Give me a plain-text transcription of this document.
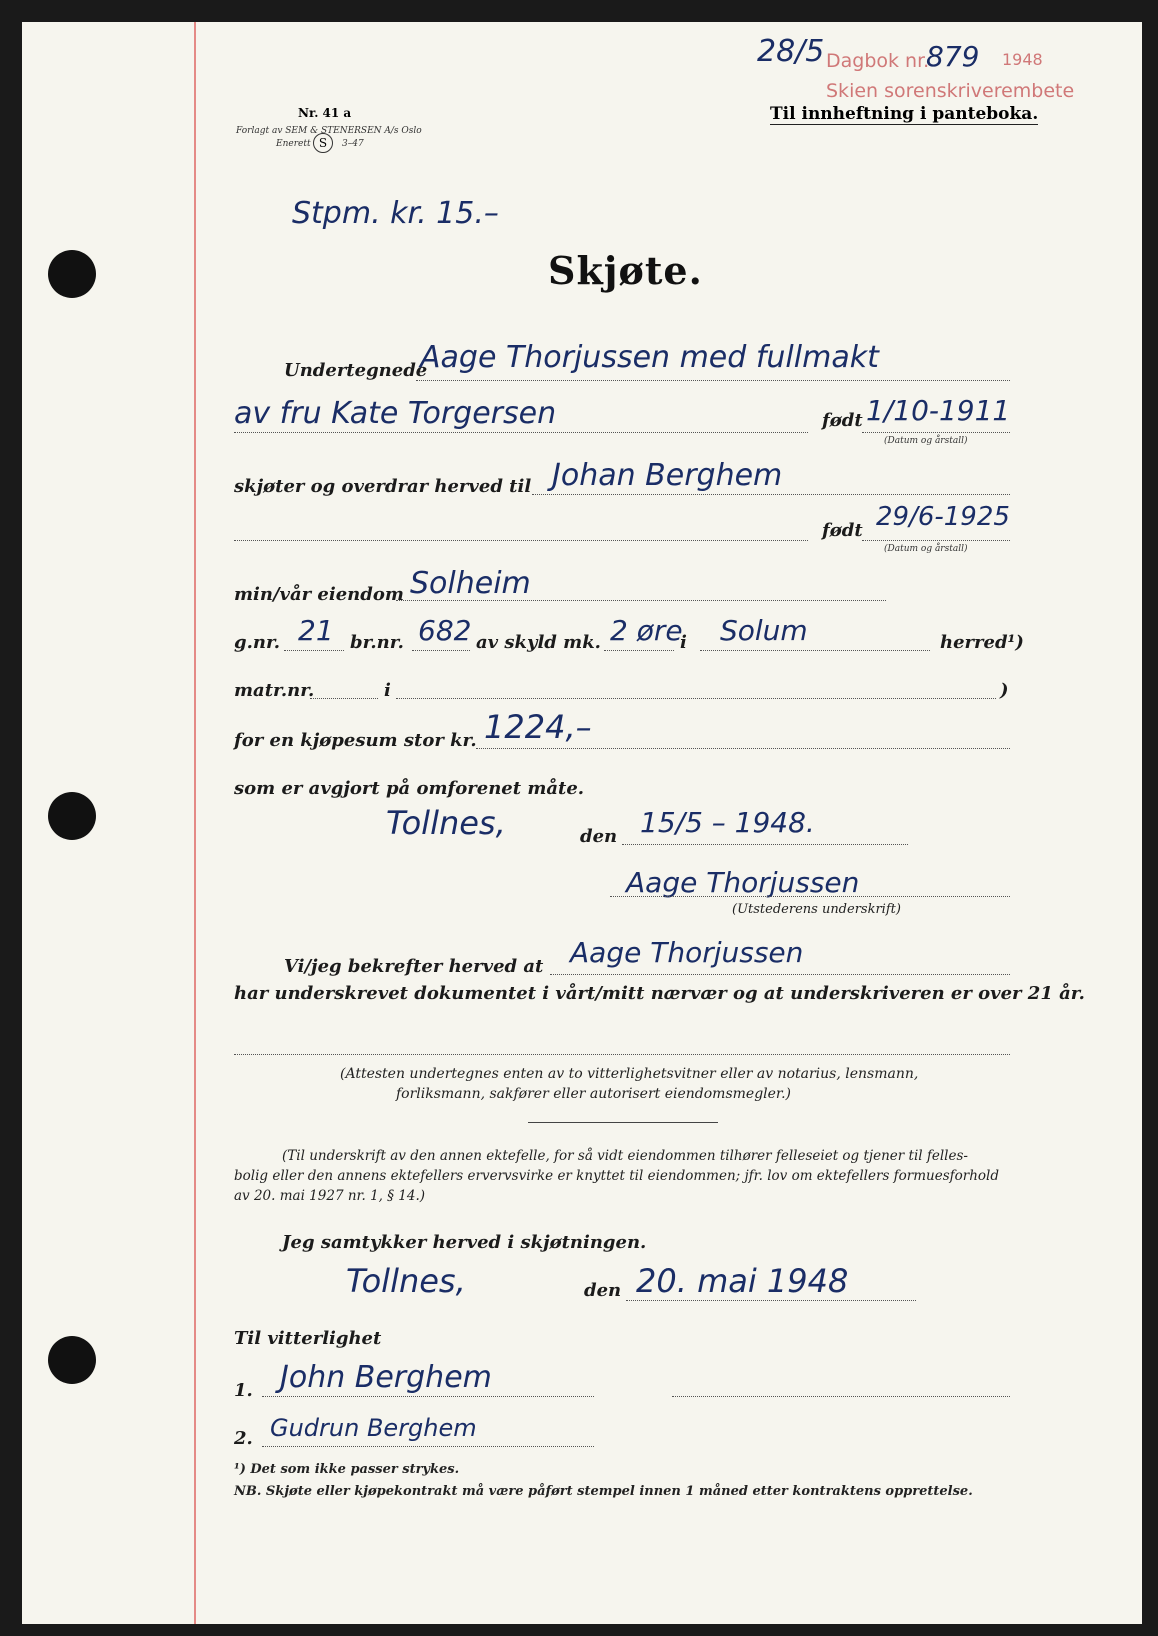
Nr. 41 a
Forlagt av SEM & STENERSEN A/s Oslo
Enerett S	3–47
28/5 Dagbok nr.
879 1948
Skien sorenskriverembete
Til innheftning i panteboka.
Stpm. kr. 15.–
Skjøte.
Undertegnede
Aage Thorjussen med fullmakt
av fru Kate Torgersen	født 1/10-1911
(Datum og årstall)
skjøter og overdrar herved til Johan Berghem
født 29/6-1925
(Datum og årstall)
min/vår eiendom Solheim
g.nr. 21 br.nr. 682 av skyld mk. 2 øre
i Solum	herred¹)
matr.nr.	i	)
for en kjøpesum stor kr. 1224,–
som er avgjort på omforenet måte.
Tollnes,	den 15/5 – 1948.
Aage Thorjussen
(Utstederens underskrift)
Vi/jeg bekrefter herved at Aage Thorjussen
har underskrevet dokumentet i vårt/mitt nærvær og at underskriveren er over 21 år.
(Attesten undertegnes enten av to vitterlighetsvitner eller av notarius, lensmann,
forliksmann, sakfører eller autorisert eiendomsmegler.)
(Til underskrift av den annen ektefelle, for så vidt eiendommen tilhører felleseiet og tjener til felles-
bolig eller den annens ektefellers ervervsvirke er knyttet til eiendommen; jfr. lov om ektefellers formuesforhold
av 20. mai 1927 nr. 1, § 14.)
Jeg samtykker herved i skjøtningen.
Tollnes,	den 20. mai 1948
Til vitterlighet
1. John Berghem
2. Gudrun Berghem
¹) Det som ikke passer strykes.
NB. Skjøte eller kjøpekontrakt må være påført stempel innen 1 måned etter kontraktens opprettelse.
